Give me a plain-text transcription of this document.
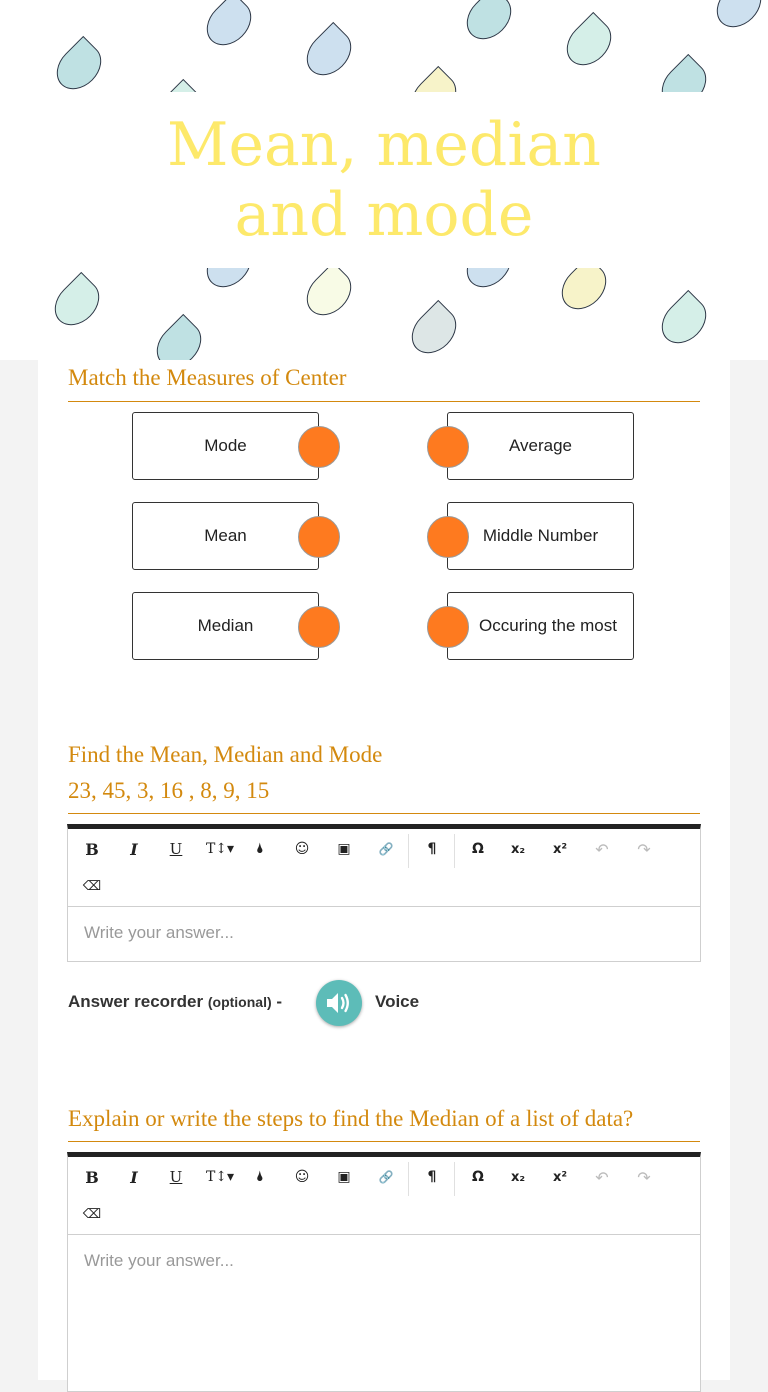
Mean, median and mode
Match the Measures of Center
Mode
Mean
Median
Average
Middle Number
Occuring the most
Find the Mean, Median and Mode
23, 45, 3, 16 , 8, 9, 15
B	I	U	T↕▾	🌢	☺	▣	🔗	¶	Ω	x₂	x²	↶	↷
⌫
Write your answer...
Answer recorder (optional) -	Voice
Explain or write the steps to find the Median of a list of data?
B	I	U	T↕▾	🌢	☺	▣	🔗	¶	Ω	x₂	x²	↶	↷
⌫
Write your answer...
